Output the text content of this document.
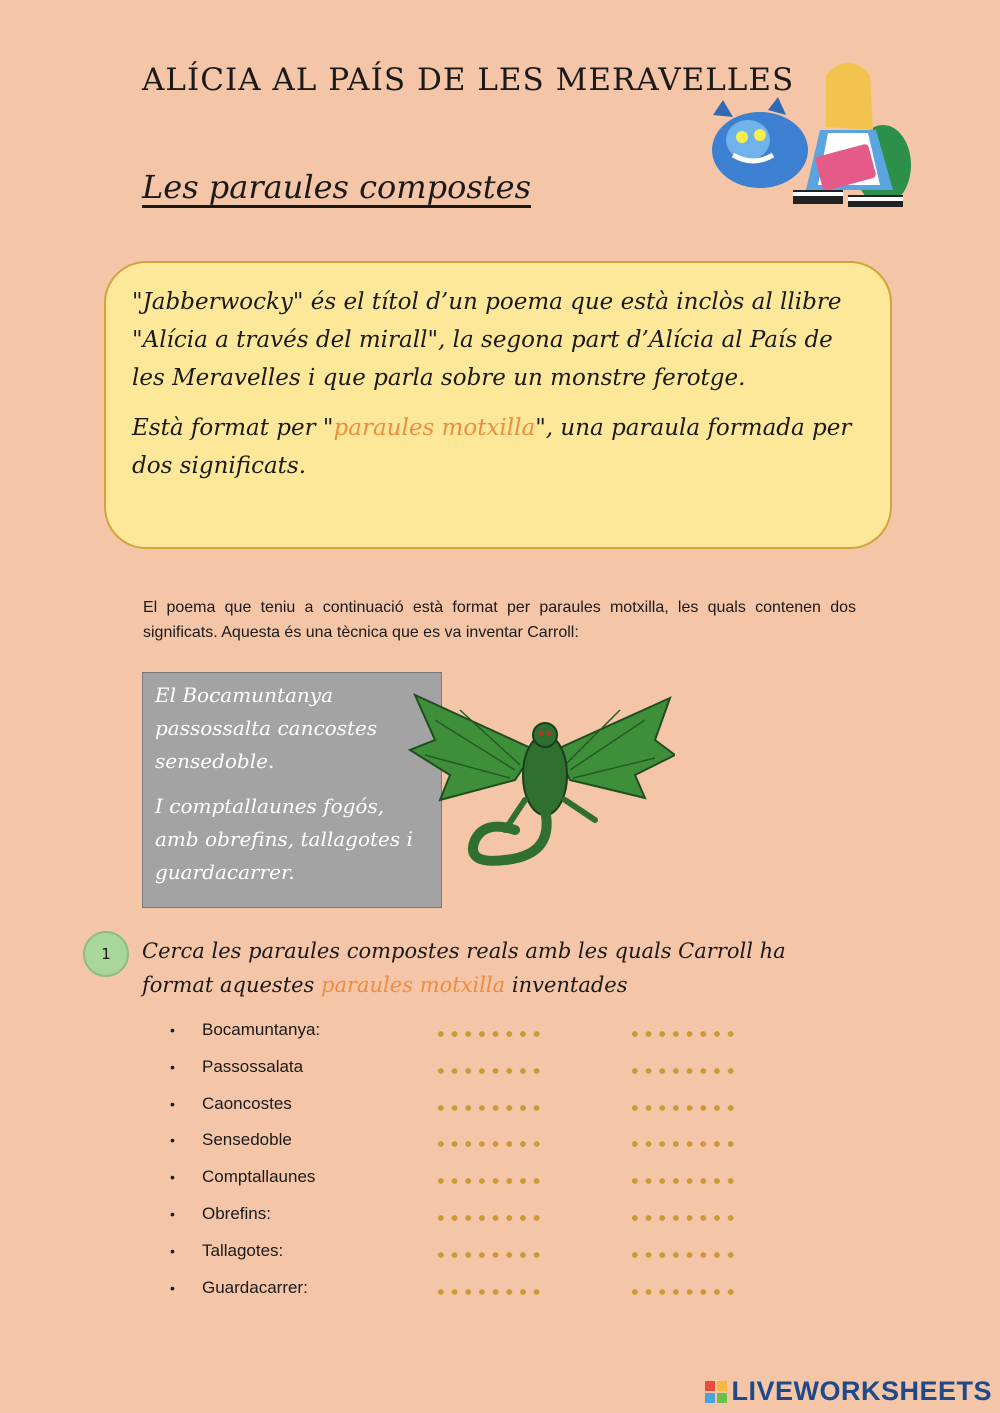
ALÍCIA AL PAÍS DE LES MERAVELLES
Les paraules compostes

"Jabberwocky" és el títol d’un poema que està inclòs al llibre "Alícia a través del mirall", la segona part d’Alícia al País de les Meravelles i que parla sobre un monstre ferotge.

Està format per "paraules motxilla", una paraula formada per dos significats.

El poema que teniu a continuació està format per paraules motxilla, les quals contenen dos significats. Aquesta és una tècnica que es va inventar Carroll:

El Bocamuntanya passossalta cancostes sensedoble.

I comptallaunes fogós, amb obrefins, tallagotes i guardacarrer.

1	Cerca les paraules compostes reals amb les quals Carroll ha format aquestes paraules motxilla inventades
• Bocamuntanya:
• Passossalata
• Caoncostes
• Sensedoble
• Comptallaunes
• Obrefins:
• Tallagotes:
• Guardacarrer:
LIVEWORKSHEETS
